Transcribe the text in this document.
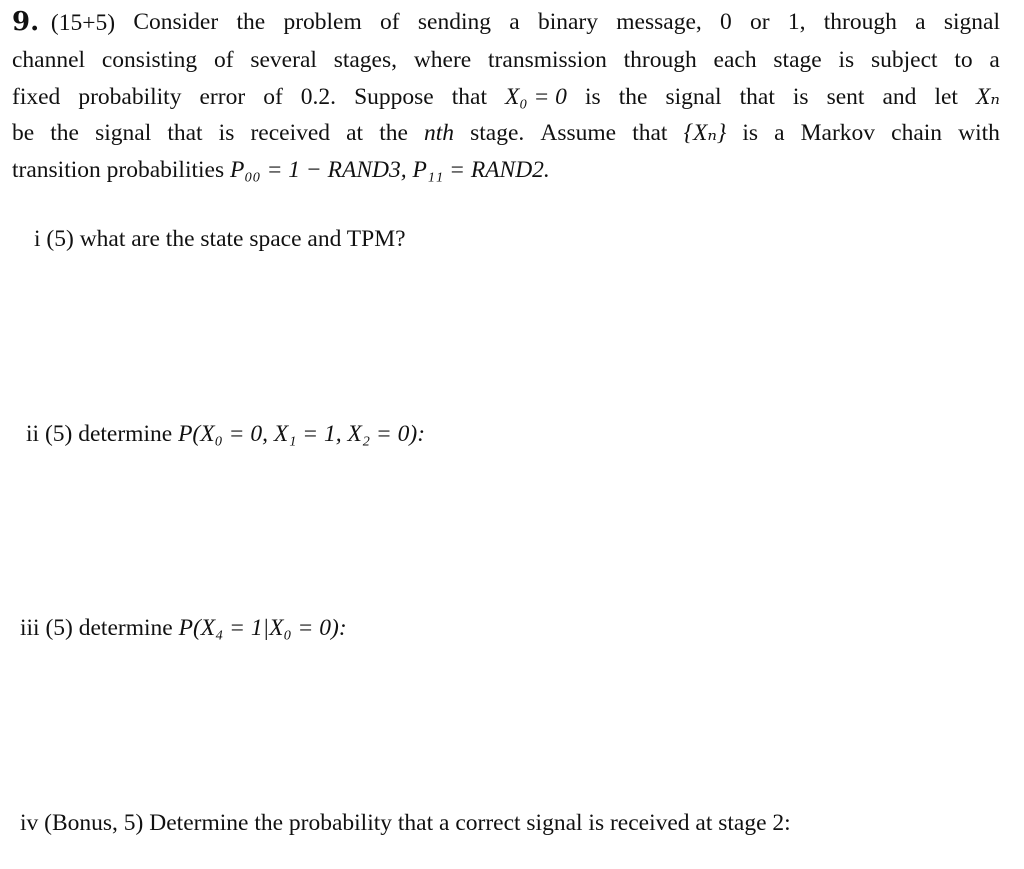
9. (15+5) Consider the problem of sending a binary message, 0 or 1, through a signal
channel consisting of several stages, where transmission through each stage is subject to a
fixed probability error of 0.2. Suppose that X₀ = 0 is the signal that is sent and let Xₙ
be the signal that is received at the nth stage. Assume that {Xₙ} is a Markov chain with
transition probabilities P₀₀ = 1 − RAND3, P₁₁ = RAND2.
i (5) what are the state space and TPM?
ii (5) determine P(X₀ = 0, X₁ = 1, X₂ = 0):
iii (5) determine P(X₄ = 1|X₀ = 0):
iv (Bonus, 5) Determine the probability that a correct signal is received at stage 2:
